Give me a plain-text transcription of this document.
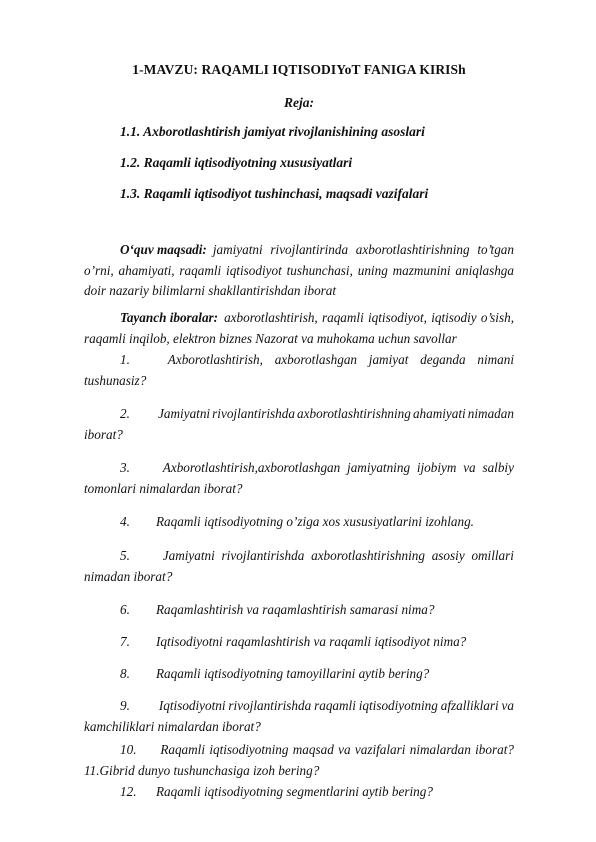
1-MAVZU: RAQAMLI IQTISODIYoT FANIGA KIRISh
Reja:
1.1. Axborotlashtirish jamiyat rivojlanishining asoslari
1.2. Raqamli iqtisodiyotning xususiyatlari
1.3. Raqamli iqtisodiyot tushinchasi, maqsadi vazifalari
O‘quv maqsadi: jamiyatni rivojlantirinda axborotlashtirishning to’tgan
o’rni, ahamiyati, raqamli iqtisodiyot tushunchasi, uning mazmunini aniqlashga
doir nazariy bilimlarni shakllantirishdan iborat
Tayanch iboralar: axborotlashtirish, raqamli iqtisodiyot, iqtisodiy o’sish,
raqamli inqilob, elektron biznes Nazorat va muhokama uchun savollar
1.	Axborotlashtirish, axborotlashgan jamiyat deganda nimani
tushunasiz?
2.	Jamiyatni rivojlantirishda axborotlashtirishning ahamiyati nimadan
iborat?
3.	Axborotlashtirish,axborotlashgan jamiyatning ijobiym va salbiy
tomonlari nimalardan iborat?
4. Raqamli iqtisodiyotning o’ziga xos xususiyatlarini izohlang.
5.	Jamiyatni rivojlantirishda axborotlashtirishning asosiy omillari
nimadan iborat?
6. Raqamlashtirish va raqamlashtirish samarasi nima?
7. Iqtisodiyotni raqamlashtirish va raqamli iqtisodiyot nima?
8. Raqamli iqtisodiyotning tamoyillarini aytib bering?
9.	Iqtisodiyotni rivojlantirishda raqamli iqtisodiyotning afzalliklari va
kamchiliklari nimalardan iborat?
10.	Raqamli iqtisodiyotning maqsad va vazifalari nimalardan iborat?
11.Gibrid dunyo tushunchasiga izoh bering?
12. Raqamli iqtisodiyotning segmentlarini aytib bering?
